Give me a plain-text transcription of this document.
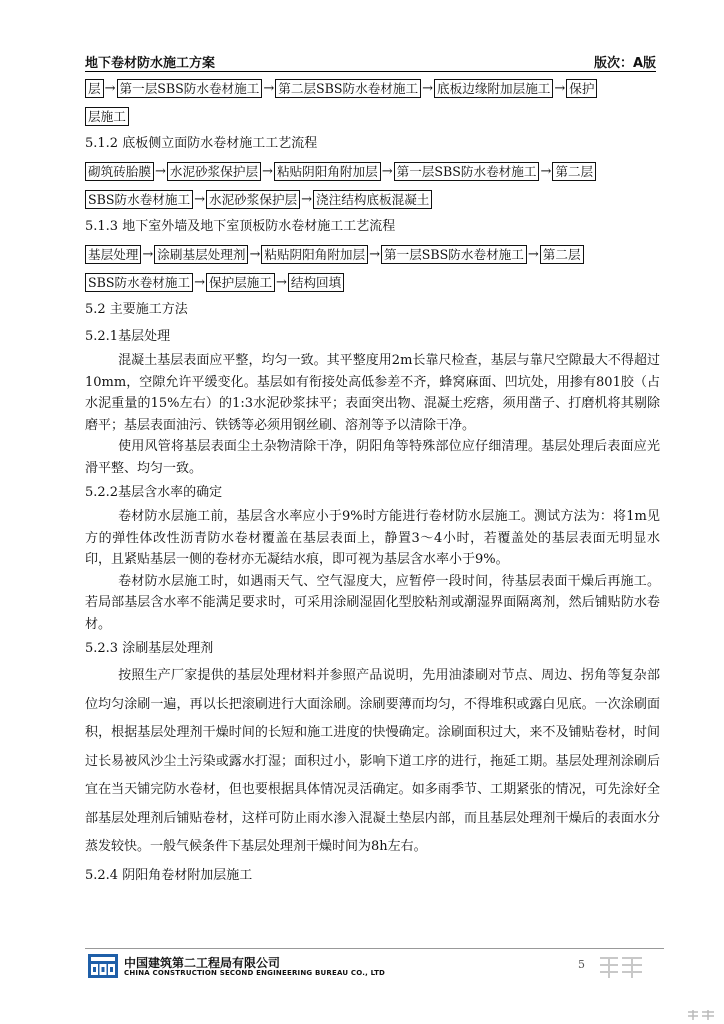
地下卷材防水施工方案	版次：A版
层 → 第一层SBS防水卷材施工 → 第二层SBS防水卷材施工 → 底板边缘附加层施工 → 保护
层施工

5.1.2 底板侧立面防水卷材施工工艺流程

砌筑砖胎膜 → 水泥砂浆保护层 → 粘贴阴阳角附加层 → 第一层SBS防水卷材施工 → 第二层
SBS防水卷材施工 → 水泥砂浆保护层 → 浇注结构底板混凝土

5.1.3 地下室外墙及地下室顶板防水卷材施工工艺流程

基层处理 → 涂刷基层处理剂 → 粘贴阴阳角附加层 → 第一层SBS防水卷材施工 → 第二层
SBS防水卷材施工 → 保护层施工 → 结构回填

5.2 主要施工方法

5.2.1基层处理

混凝土基层表面应平整，均匀一致。其平整度用2m长靠尺检查，基层与靠尺空隙最大不得超过10mm，空隙允许平缓变化。基层如有衔接处高低参差不齐，蜂窝麻面、凹坑处，用掺有801胶（占水泥重量的15%左右）的1:3水泥砂浆抹平；表面突出物、混凝土疙瘩，须用凿子、打磨机将其剔除磨平；基层表面油污、铁锈等必须用钢丝刷、溶剂等予以清除干净。

使用风管将基层表面尘土杂物清除干净，阴阳角等特殊部位应仔细清理。基层处理后表面应光滑平整、均匀一致。

5.2.2基层含水率的确定

卷材防水层施工前，基层含水率应小于9%时方能进行卷材防水层施工。测试方法为：将1m见方的弹性体改性沥青防水卷材覆盖在基层表面上，静置3～4小时，若覆盖处的基层表面无明显水印，且紧贴基层一侧的卷材亦无凝结水痕，即可视为基层含水率小于9%。

卷材防水层施工时，如遇雨天气、空气湿度大，应暂停一段时间，待基层表面干燥后再施工。若局部基层含水率不能满足要求时，可采用涂刷湿固化型胶粘剂或潮湿界面隔离剂，然后铺贴防水卷材。

5.2.3 涂刷基层处理剂

按照生产厂家提供的基层处理材料并参照产品说明，先用油漆刷对节点、周边、拐角等复杂部位均匀涂刷一遍，再以长把滚刷进行大面涂刷。涂刷要薄而均匀，不得堆积或露白见底。一次涂刷面积，根据基层处理剂干燥时间的长短和施工进度的快慢确定。涂刷面积过大，来不及铺贴卷材，时间过长易被风沙尘土污染或露水打湿；面积过小，影响下道工序的进行，拖延工期。基层处理剂涂刷后宜在当天铺完防水卷材，但也要根据具体情况灵活确定。如多雨季节、工期紧张的情况，可先涂好全部基层处理剂后铺贴卷材，这样可防止雨水渗入混凝土垫层内部，而且基层处理剂干燥后的表面水分蒸发较快。一般气候条件下基层处理剂干燥时间为8h左右。

5.2.4 阴阳角卷材附加层施工

中国建筑第二工程局有限公司
CHINA CONSTRUCTION SECOND ENGINEERING BUREAU CO., LTD
5
